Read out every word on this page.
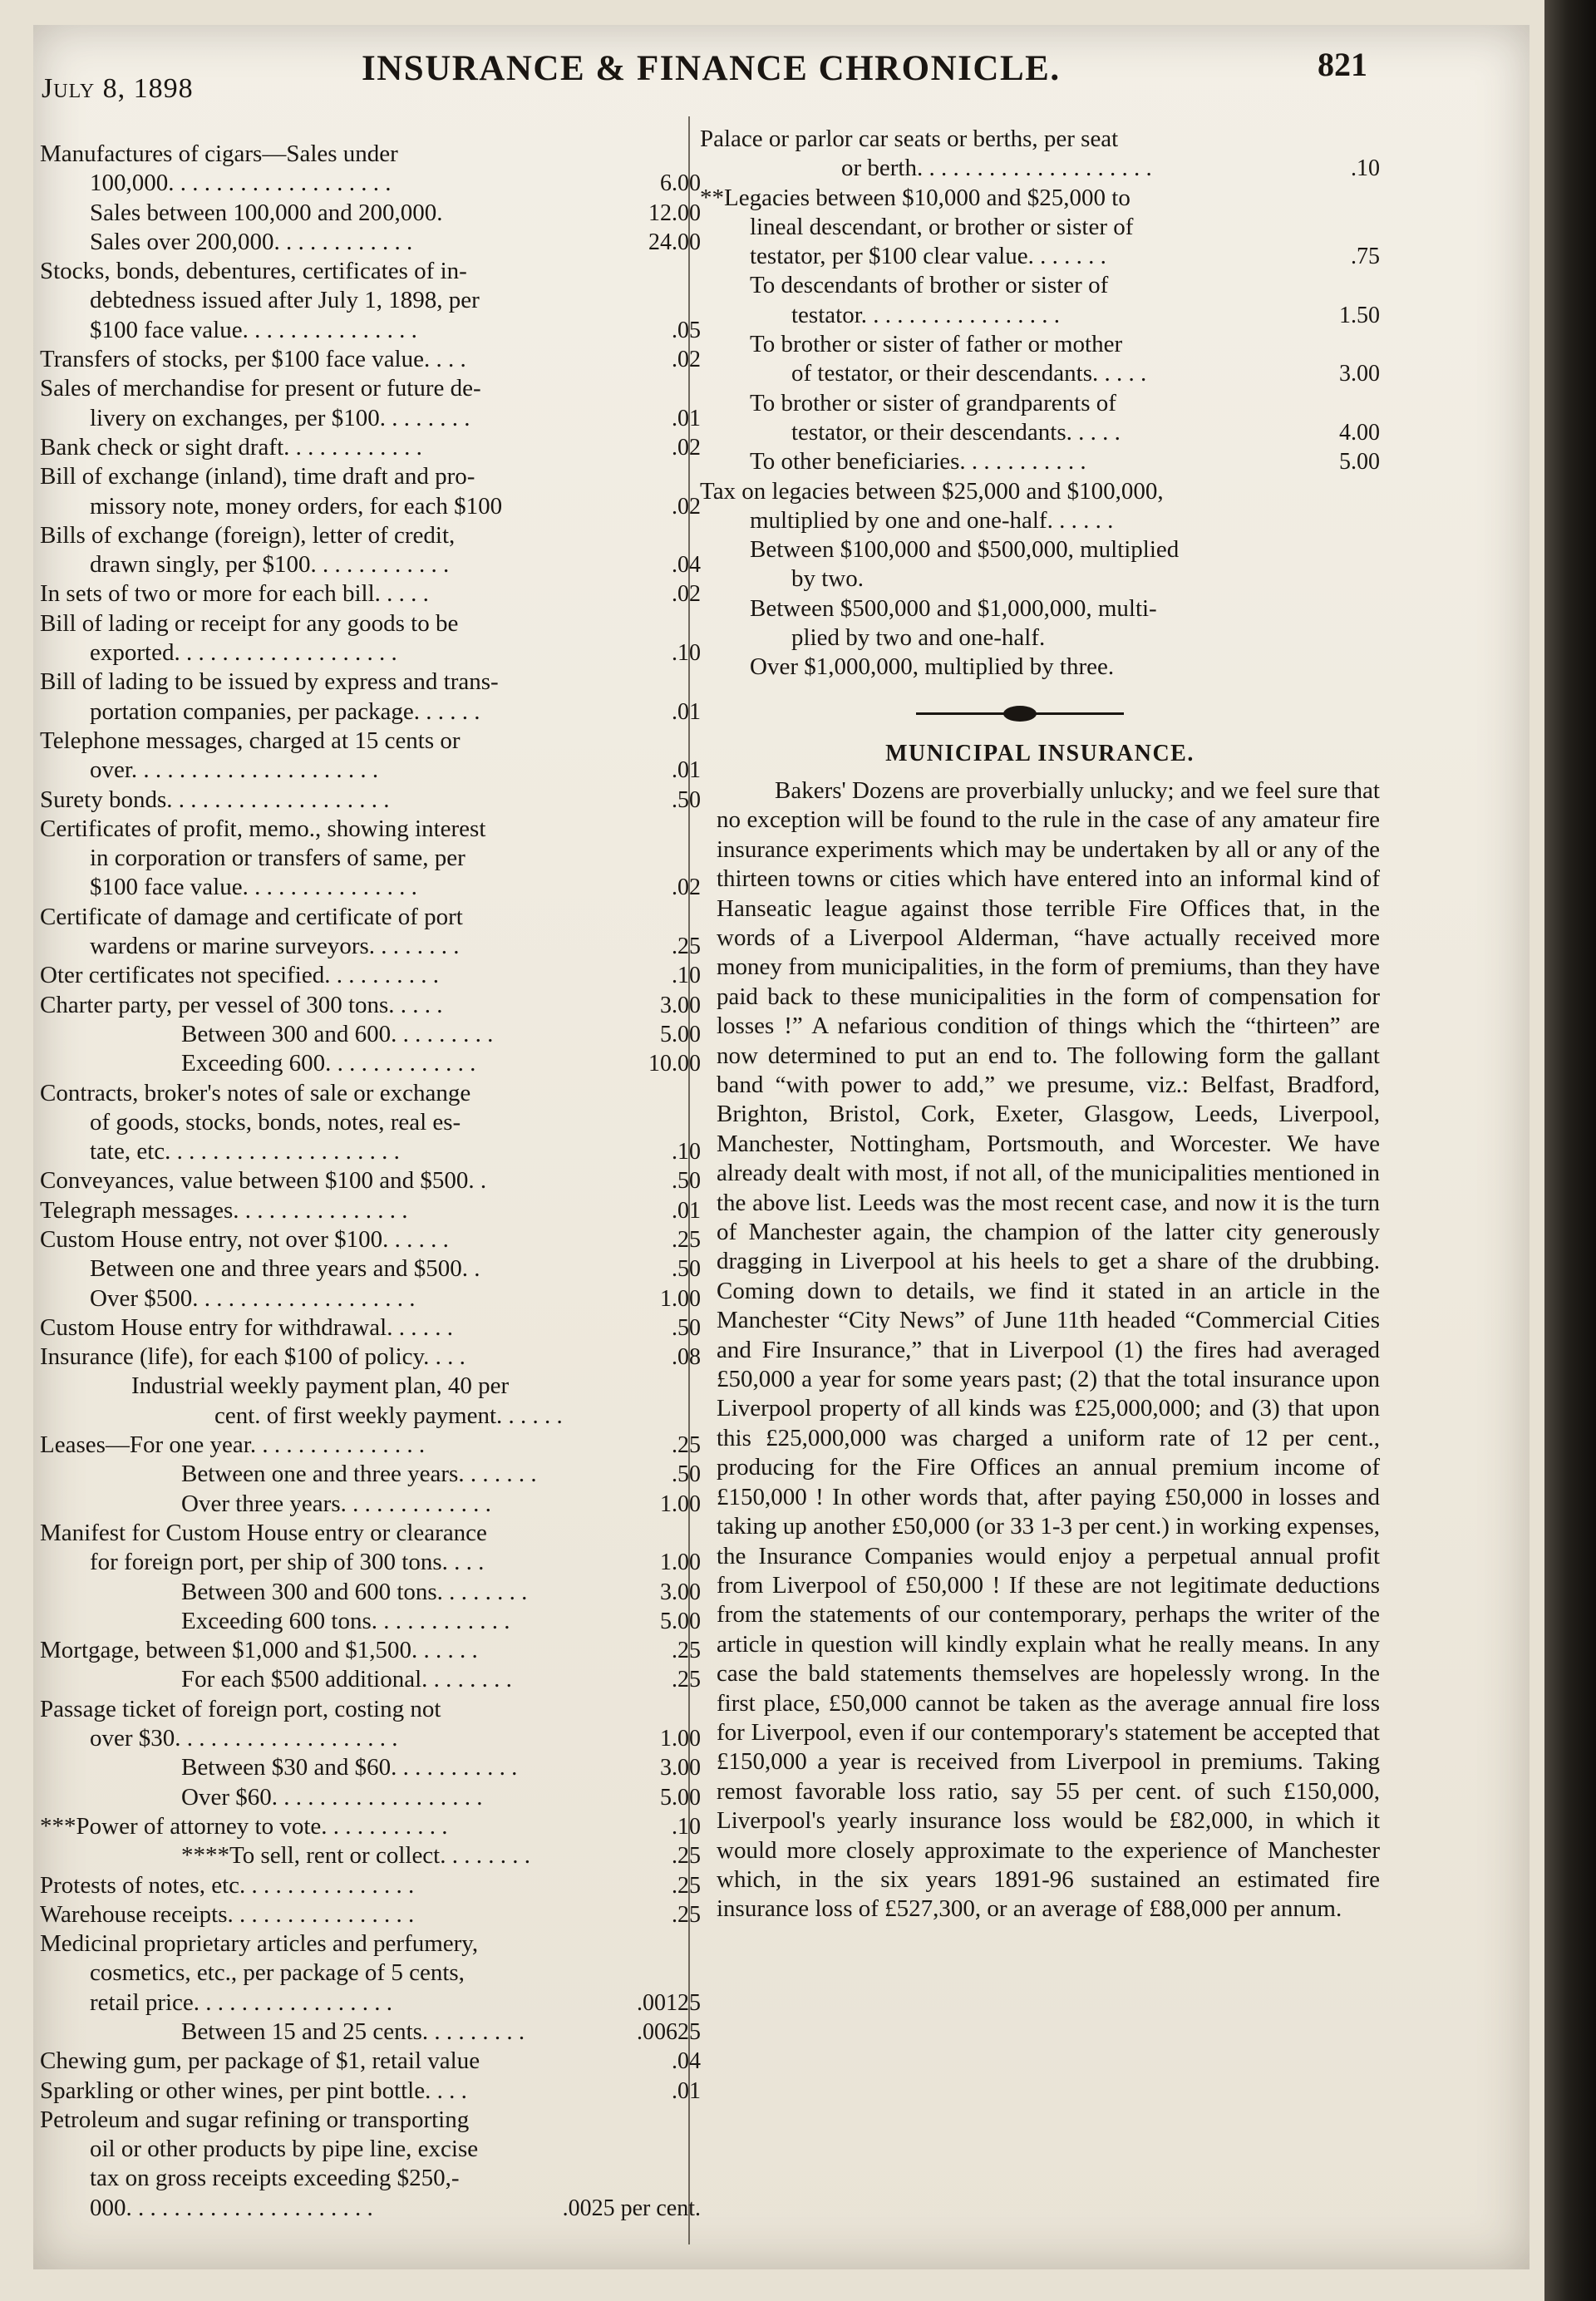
July 8, 1898
INSURANCE & FINANCE CHRONICLE.	821
Manufactures of cigars—Sales under
100,000. . . . . . . . . . . . . . . . . . .	6.00
Sales between 100,000 and 200,000.	12.00
Sales over 200,000. . . . . . . . . . . .	24.00
Stocks, bonds, debentures, certificates of in-
debtedness issued after July 1, 1898, per
$100 face value. . . . . . . . . . . . . . .	.05
Transfers of stocks, per $100 face value. . . .	.02
Sales of merchandise for present or future de-
livery on exchanges, per $100. . . . . . . .	.01
Bank check or sight draft. . . . . . . . . . . .	.02
Bill of exchange (inland), time draft and pro-
missory note, money orders, for each $100	.02
Bills of exchange (foreign), letter of credit,
drawn singly, per $100. . . . . . . . . . . .	.04
In sets of two or more for each bill. . . . .	.02
Bill of lading or receipt for any goods to be
exported. . . . . . . . . . . . . . . . . . .	.10
Bill of lading to be issued by express and trans-
portation companies, per package. . . . . .	.01
Telephone messages, charged at 15 cents or
over. . . . . . . . . . . . . . . . . . . . .	.01
Surety bonds. . . . . . . . . . . . . . . . . . .	.50
Certificates of profit, memo., showing interest
in corporation or transfers of same, per
$100 face value. . . . . . . . . . . . . . .	.02
Certificate of damage and certificate of port
wardens or marine surveyors. . . . . . . .	.25
Oter certificates not specified. . . . . . . . . .	.10
Charter party, per vessel of 300 tons. . . . .	3.00
Between 300 and 600. . . . . . . . .	5.00
Exceeding 600. . . . . . . . . . . . .	10.00
Contracts, broker's notes of sale or exchange
of goods, stocks, bonds, notes, real es-
tate, etc. . . . . . . . . . . . . . . . . . . .	.10
Conveyances, value between $100 and $500. .	.50
Telegraph messages. . . . . . . . . . . . . . .	.01
Custom House entry, not over $100. . . . . .	.25
Between one and three years and $500. .	.50
Over $500. . . . . . . . . . . . . . . . . . .	1.00
Custom House entry for withdrawal. . . . . .	.50
Insurance (life), for each $100 of policy. . . .	.08
Industrial weekly payment plan, 40 per
cent. of first weekly payment. . . . . .
Leases—For one year. . . . . . . . . . . . . . .	.25
Between one and three years. . . . . . .	.50
Over three years. . . . . . . . . . . . .	1.00
Manifest for Custom House entry or clearance
for foreign port, per ship of 300 tons. . . .	1.00
Between 300 and 600 tons. . . . . . . .	3.00
Exceeding 600 tons. . . . . . . . . . . .	5.00
Mortgage, between $1,000 and $1,500. . . . . .	.25
For each $500 additional. . . . . . . .	.25
Passage ticket of foreign port, costing not
over $30. . . . . . . . . . . . . . . . . . .	1.00
Between $30 and $60. . . . . . . . . . .	3.00
Over $60. . . . . . . . . . . . . . . . . .	5.00
***Power of attorney to vote. . . . . . . . . . .	.10
****To sell, rent or collect. . . . . . . .	.25
Protests of notes, etc. . . . . . . . . . . . . . .	.25
Warehouse receipts. . . . . . . . . . . . . . . .	.25
Medicinal proprietary articles and perfumery,
cosmetics, etc., per package of 5 cents,
retail price. . . . . . . . . . . . . . . . .	.00125
Between 15 and 25 cents. . . . . . . . .	.00625
Chewing gum, per package of $1, retail value	.04
Sparkling or other wines, per pint bottle. . . .	.01
Petroleum and sugar refining or transporting
oil or other products by pipe line, excise
tax on gross receipts exceeding $250,-
000. . . . . . . . . . . . . . . . . . . . .	.0025 per cent.
Palace or parlor car seats or berths, per seat
or berth. . . . . . . . . . . . . . . . . . . .	.10
**Legacies between $10,000 and $25,000 to
lineal descendant, or brother or sister of
testator, per $100 clear value. . . . . . .	.75
To descendants of brother or sister of
testator. . . . . . . . . . . . . . . . .	1.50
To brother or sister of father or mother
of testator, or their descendants. . . . .	3.00
To brother or sister of grandparents of
testator, or their descendants. . . . .	4.00
To other beneficiaries. . . . . . . . . . .	5.00
Tax on legacies between $25,000 and $100,000,
multiplied by one and one-half. . . . . .
Between $100,000 and $500,000, multiplied
by two.
Between $500,000 and $1,000,000, multi-
plied by two and one-half.
Over $1,000,000, multiplied by three.
MUNICIPAL INSURANCE.

Bakers' Dozens are proverbially unlucky; and we feel sure that no exception will be found to the rule in the case of any amateur fire insurance experiments which may be undertaken by all or any of the thirteen towns or cities which have entered into an informal kind of Hanseatic league against those terrible Fire Offices that, in the words of a Liverpool Alderman, “have actually received more money from municipalities, in the form of premiums, than they have paid back to these municipalities in the form of compensation for losses !” A nefarious condition of things which the “thirteen” are now determined to put an end to. The following form the gallant band “with power to add,” we presume, viz.: Belfast, Bradford, Brighton, Bristol, Cork, Exeter, Glasgow, Leeds, Liverpool, Manchester, Nottingham, Portsmouth, and Worcester. We have already dealt with most, if not all, of the municipalities mentioned in the above list. Leeds was the most recent case, and now it is the turn of Manchester again, the champion of the latter city generously dragging in Liverpool at his heels to get a share of the drubbing. Coming down to details, we find it stated in an article in the Manchester “City News” of June 11th headed “Commercial Cities and Fire Insurance,” that in Liverpool (1) the fires had averaged £50,000 a year for some years past; (2) that the total insurance upon Liverpool property of all kinds was £25,000,000; and (3) that upon this £25,000,000 was charged a uniform rate of 12 per cent., producing for the Fire Offices an annual premium income of £150,000 ! In other words that, after paying £50,000 in losses and taking up another £50,000 (or 33 1-3 per cent.) in working expenses, the Insurance Companies would enjoy a perpetual annual profit from Liverpool of £50,000 ! If these are not legitimate deductions from the statements of our contemporary, perhaps the writer of the article in question will kindly explain what he really means. In any case the bald statements themselves are hopelessly wrong. In the first place, £50,000 cannot be taken as the average annual fire loss for Liverpool, even if our contemporary's statement be accepted that £150,000 a year is received from Liverpool in premiums. Taking remost favorable loss ratio, say 55 per cent. of such £150,000, Liverpool's yearly insurance loss would be £82,000, in which it would more closely approximate to the experience of Manchester which, in the six years 1891-96 sustained an estimated fire insurance loss of £527,300, or an average of £88,000 per annum.
